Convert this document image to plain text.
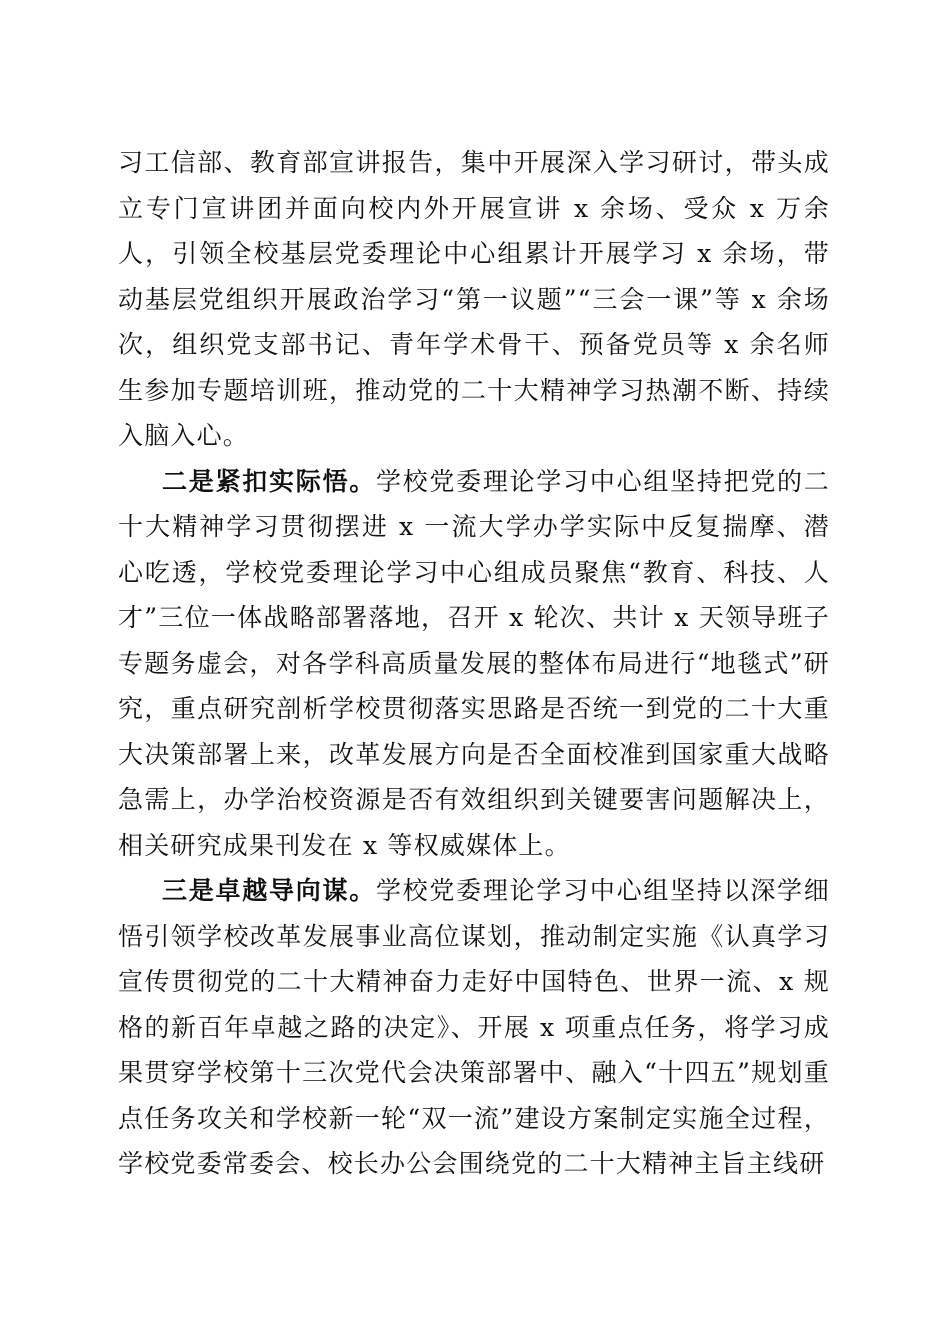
习工信部、教育部宣讲报告，集中开展深入学习研讨，带头成立专门宣讲团并面向校内外开展宣讲 x 余场、受众 x 万余人，引领全校基层党委理论中心组累计开展学习 x 余场，带动基层党组织开展政治学习“第一议题”“三会一课”等 x 余场次，组织党支部书记、青年学术骨干、预备党员等 x 余名师生参加专题培训班，推动党的二十大精神学习热潮不断、持续入脑入心。

二是紧扣实际悟。学校党委理论学习中心组坚持把党的二十大精神学习贯彻摆进 x 一流大学办学实际中反复揣摩、潜心吃透，学校党委理论学习中心组成员聚焦“教育、科技、人才”三位一体战略部署落地，召开 x 轮次、共计 x 天领导班子专题务虚会，对各学科高质量发展的整体布局进行“地毯式”研究，重点研究剖析学校贯彻落实思路是否统一到党的二十大重大决策部署上来，改革发展方向是否全面校准到国家重大战略急需上，办学治校资源是否有效组织到关键要害问题解决上，相关研究成果刊发在 x 等权威媒体上。

三是卓越导向谋。学校党委理论学习中心组坚持以深学细悟引领学校改革发展事业高位谋划，推动制定实施《认真学习宣传贯彻党的二十大精神奋力走好中国特色、世界一流、x 规格的新百年卓越之路的决定》、开展 x 项重点任务，将学习成果贯穿学校第十三次党代会决策部署中、融入“十四五”规划重点任务攻关和学校新一轮“双一流”建设方案制定实施全过程，学校党委常委会、校长办公会围绕党的二十大精神主旨主线研
